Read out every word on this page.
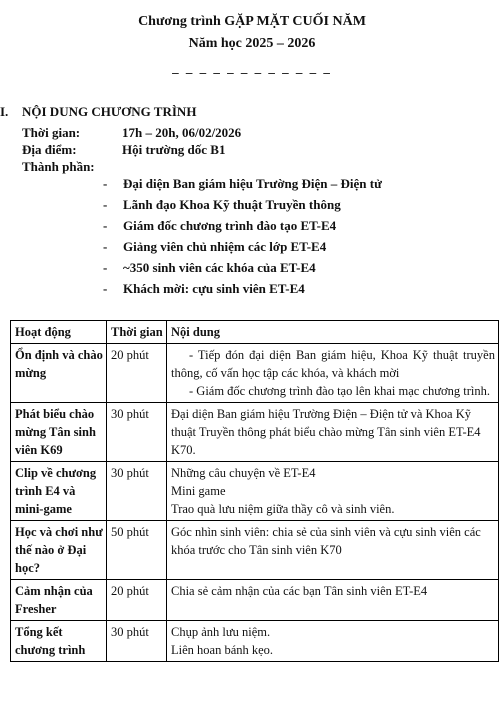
Chương trình GẶP MẶT CUỐI NĂM
Năm học 2025 – 2026
_ _ _ _ _ _ _ _ _ _ _ _
I. NỘI DUNG CHƯƠNG TRÌNH
Thời gian:	17h – 20h, 06/02/2026
Địa điểm:	Hội trường dốc B1
Thành phần:
- Đại diện Ban giám hiệu Trường Điện – Điện tử
- Lãnh đạo Khoa Kỹ thuật Truyền thông
- Giám đốc chương trình đào tạo ET-E4
- Giảng viên chủ nhiệm các lớp ET-E4
- ~350 sinh viên các khóa của ET-E4
- Khách mời: cựu sinh viên ET-E4
Hoạt động	Thời gian	Nội dung
Ổn định và chào mừng	20 phút	- Tiếp đón đại diện Ban giám hiệu, Khoa Kỹ thuật truyền thông, cố vấn học tập các khóa, và khách mời
- Giám đốc chương trình đào tạo lên khai mạc chương trình.

Phát biểu chào mừng Tân sinh viên K69	30 phút	Đại diện Ban giám hiệu Trường Điện – Điện tử và Khoa Kỹ thuật Truyền thông phát biểu chào mừng Tân sinh viên ET-E4 K70.

Clip về chương trình E4 và mini-game	30 phút	Những câu chuyện về ET-E4
Mini game
Trao quà lưu niệm giữa thầy cô và sinh viên.

Học và chơi như thế nào ở Đại học?	50 phút	Góc nhìn sinh viên: chia sẻ của sinh viên và cựu sinh viên các khóa trước cho Tân sinh viên K70

Cảm nhận của Fresher	20 phút	Chia sẻ cảm nhận của các bạn Tân sinh viên ET-E4

Tổng kết chương trình	30 phút	Chụp ảnh lưu niệm.
Liên hoan bánh kẹo.
